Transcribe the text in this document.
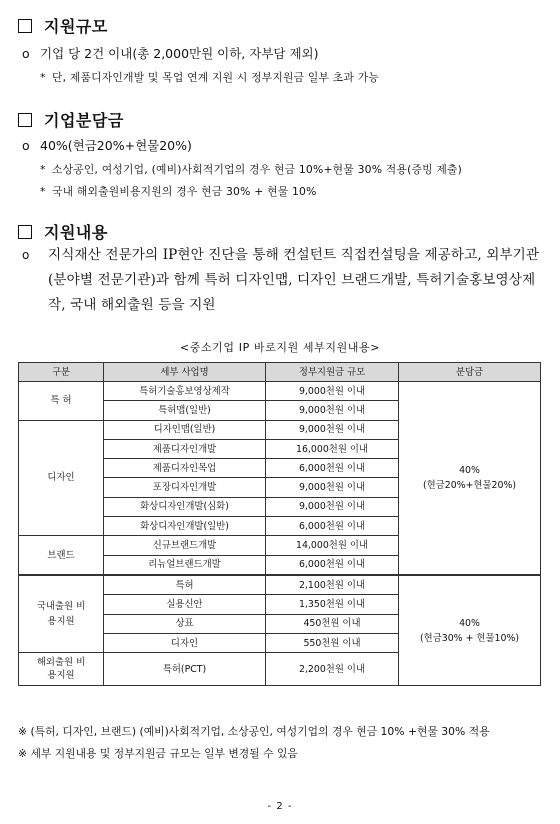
지원규모
o 기업 당 2건 이내(총 2,000만원 이하, 자부담 제외)
* 단, 제품디자인개발 및 목업 연계 지원 시 정부지원금 일부 초과 가능
기업분담금
o 40%(현금20%+현물20%)
* 소상공인, 여성기업, (예비)사회적기업의 경우 현금 10%+현물 30% 적용(증빙 제출)
* 국내 해외출원비용지원의 경우 현금 30% + 현물 10%
지원내용
o	지식재산 전문가의 IP현안 진단을 통해 컨설턴트 직접컨설팅을 제공하고, 외부기관(분야별 전문기관)과 함께 특허 디자인맵, 디자인 브랜드개발, 특허기술홍보영상제작, 국내 해외출원 등을 지원
<중소기업 IP 바로지원 세부지원내용>
구분	세부 사업명	정부지원금 규모	분담금
특 허	특허기술홍보영상제작	9,000천원 이내	40%
(현금20%+현물20%)

	특허맵(일반)	9,000천원 이내	
디자인	디자인맵(일반)	9,000천원 이내	
	제품디자인개발	16,000천원 이내	
	제품디자인목업	6,000천원 이내	
	포장디자인개발	9,000천원 이내	
	화상디자인개발(심화)	9,000천원 이내	
	화상디자인개발(일반)	6,000천원 이내	
브랜드	신규브랜드개발	14,000천원 이내	
	리뉴얼브랜드개발	6,000천원 이내	
국내출원 비용지원	특허	2,100천원 이내	40%
(현금30% + 현물10%)

	실용신안	1,350천원 이내	
	상표	450천원 이내	
	디자인	550천원 이내	
해외출원 비용지원	특허(PCT)	2,200천원 이내	
※ (특허, 디자인, 브랜드) (예비)사회적기업, 소상공인, 여성기업의 경우 현금 10% +현물 30% 적용
※ 세부 지원내용 및 정부지원금 규모는 일부 변경될 수 있음
- 2 -
